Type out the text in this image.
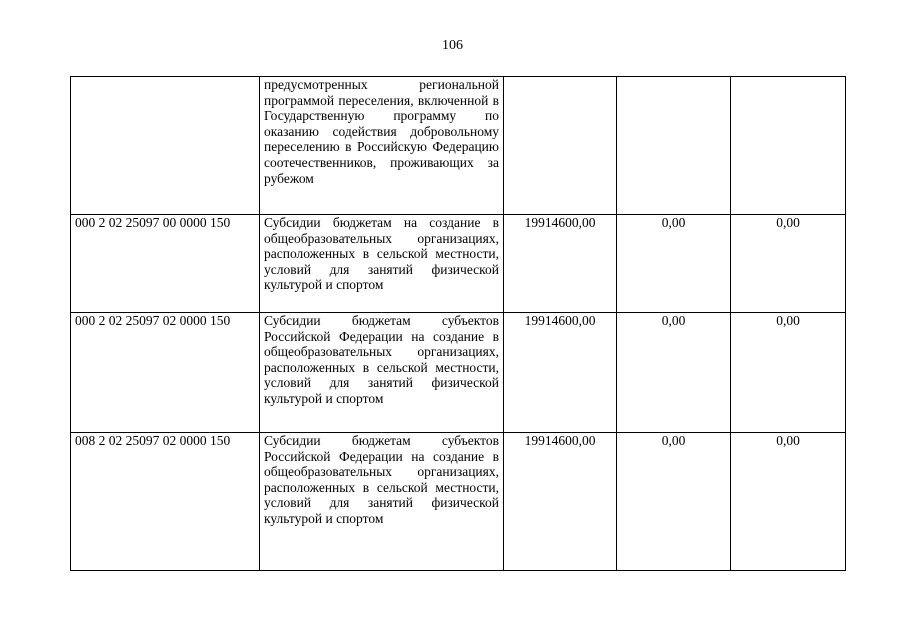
106
	предусмотренных региональной программой переселения, включенной в Государственную программу по оказанию содействия добровольному переселению в Российскую Федерацию соотечественников, проживающих за рубежом			
000 2 02 25097 00 0000 150	Субсидии бюджетам на создание в общеобразовательных организациях, расположенных в сельской местности, условий для занятий физической культурой и спортом	19914600,00	0,00	0,00
000 2 02 25097 02 0000 150	Субсидии бюджетам субъектов Российской Федерации на создание в общеобразовательных организациях, расположенных в сельской местности, условий для занятий физической культурой и спортом	19914600,00	0,00	0,00
008 2 02 25097 02 0000 150	Субсидии бюджетам субъектов Российской Федерации на создание в общеобразовательных организациях, расположенных в сельской местности, условий для занятий физической культурой и спортом	19914600,00	0,00	0,00
